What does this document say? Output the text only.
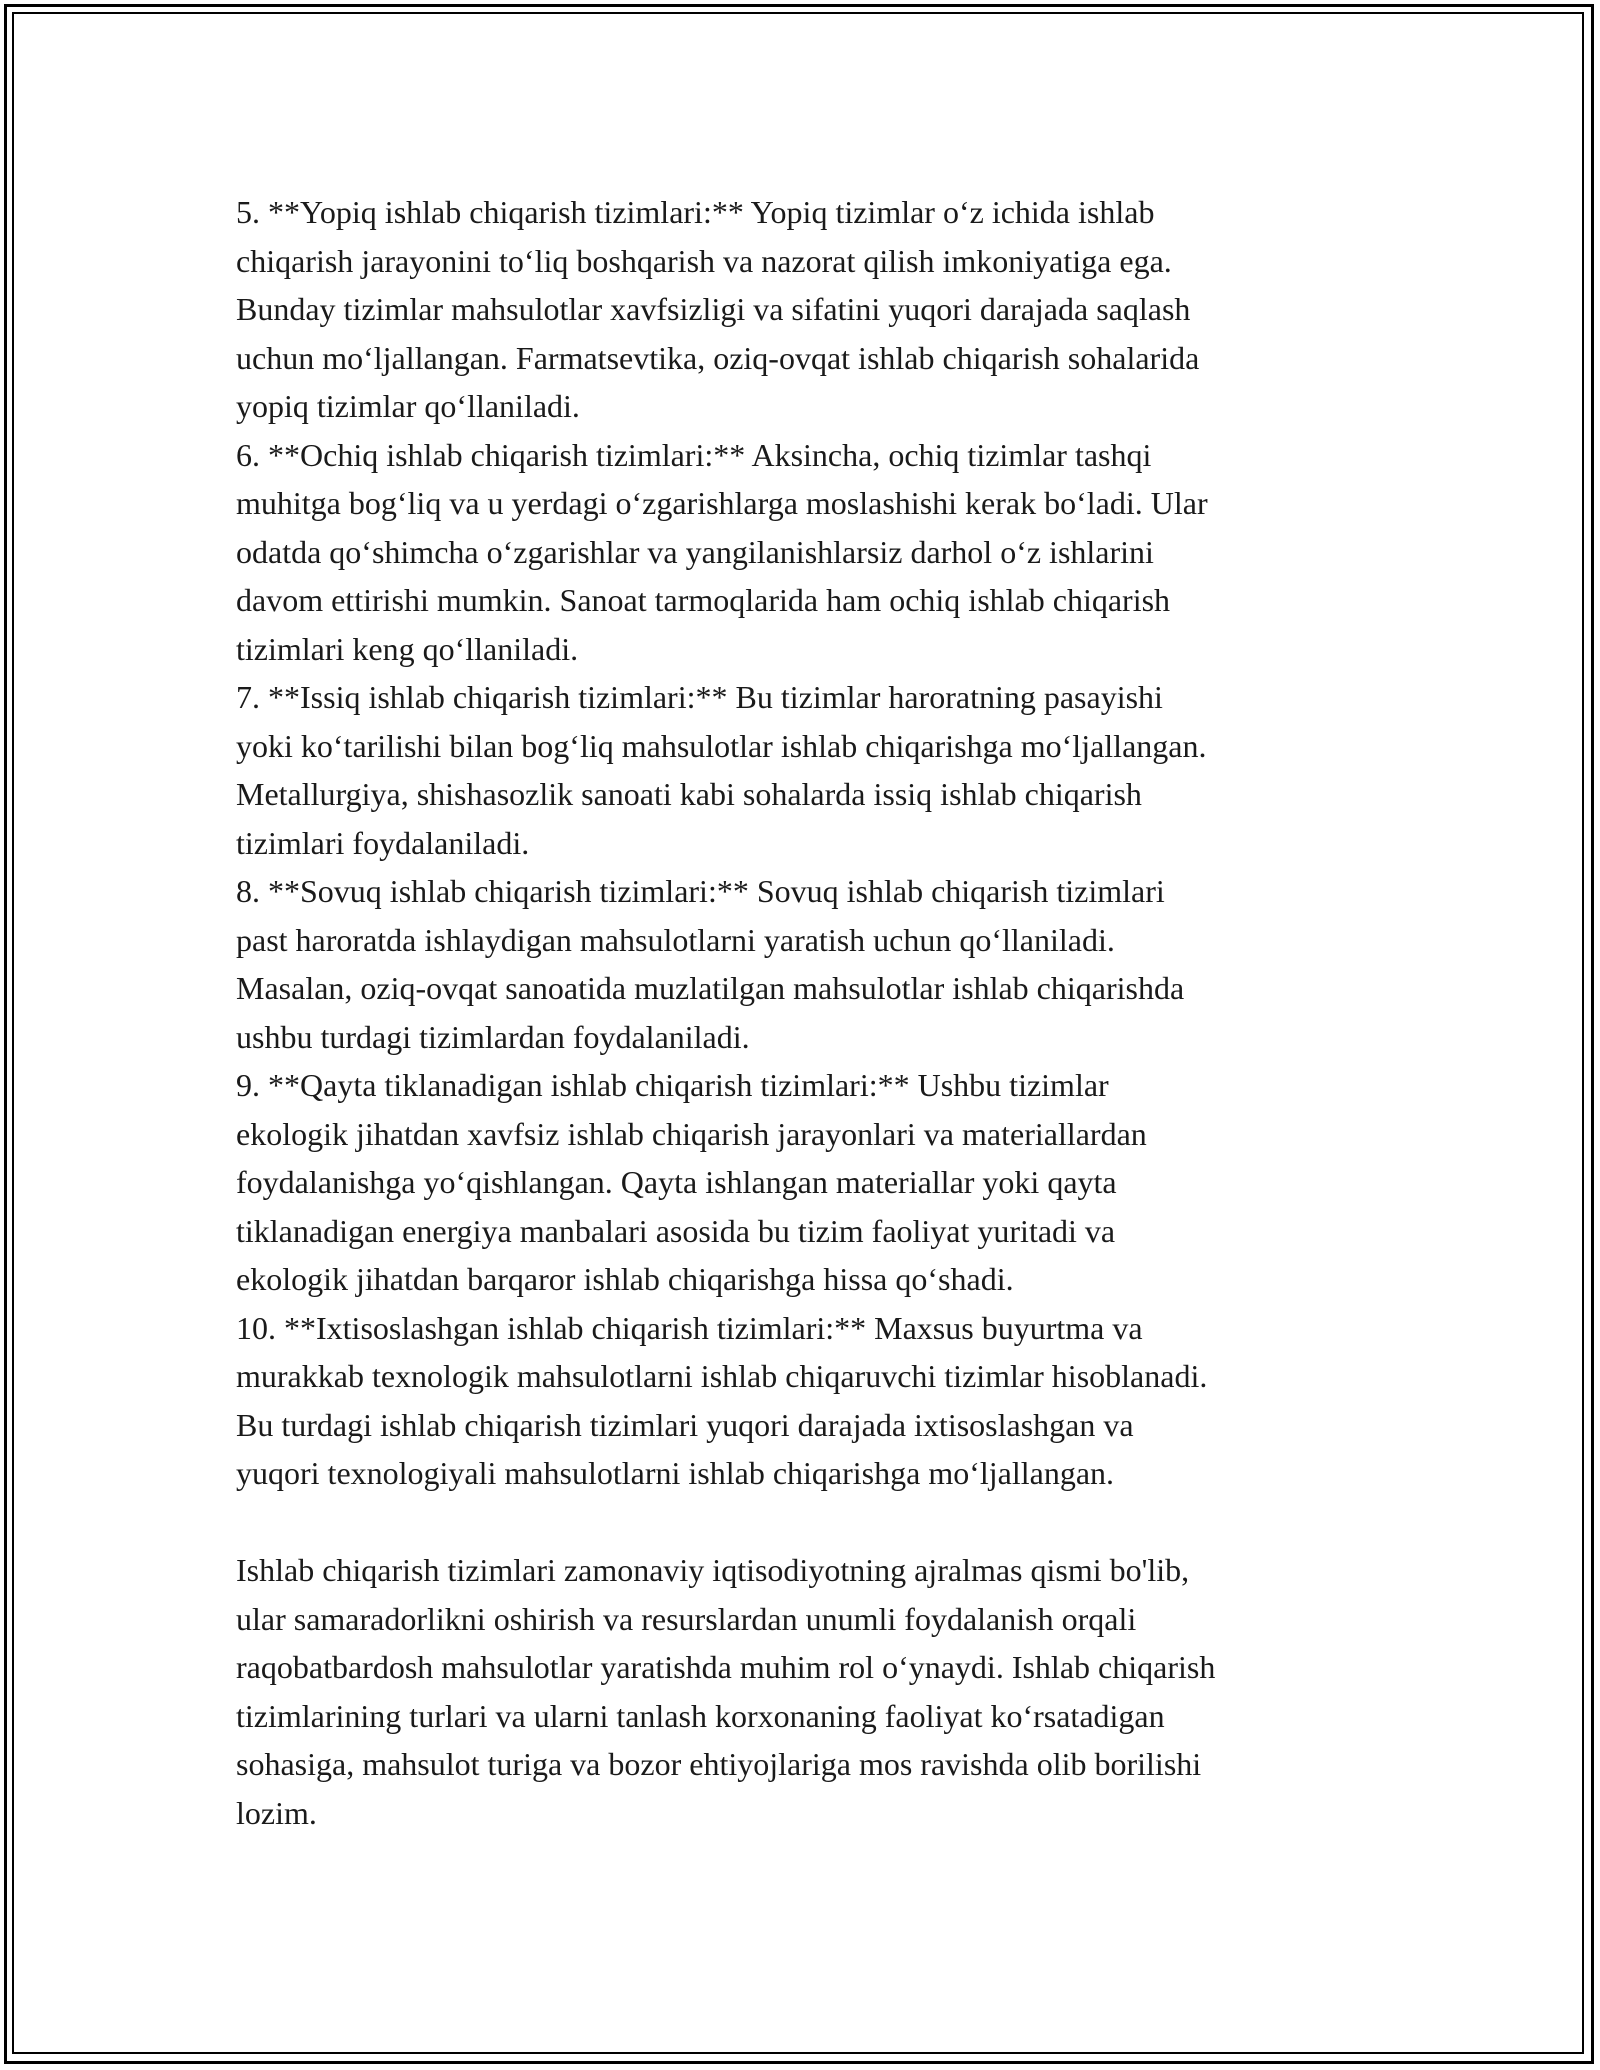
5. **Yopiq ishlab chiqarish tizimlari:** Yopiq tizimlar o‘z ichida ishlab
chiqarish jarayonini to‘liq boshqarish va nazorat qilish imkoniyatiga ega.
Bunday tizimlar mahsulotlar xavfsizligi va sifatini yuqori darajada saqlash
uchun mo‘ljallangan. Farmatsevtika, oziq-ovqat ishlab chiqarish sohalarida
yopiq tizimlar qo‘llaniladi.

6. **Ochiq ishlab chiqarish tizimlari:** Aksincha, ochiq tizimlar tashqi
muhitga bog‘liq va u yerdagi o‘zgarishlarga moslashishi kerak bo‘ladi. Ular
odatda qo‘shimcha o‘zgarishlar va yangilanishlarsiz darhol o‘z ishlarini
davom ettirishi mumkin. Sanoat tarmoqlarida ham ochiq ishlab chiqarish
tizimlari keng qo‘llaniladi.

7. **Issiq ishlab chiqarish tizimlari:** Bu tizimlar haroratning pasayishi
yoki ko‘tarilishi bilan bog‘liq mahsulotlar ishlab chiqarishga mo‘ljallangan.
Metallurgiya, shishasozlik sanoati kabi sohalarda issiq ishlab chiqarish
tizimlari foydalaniladi.

8. **Sovuq ishlab chiqarish tizimlari:** Sovuq ishlab chiqarish tizimlari
past haroratda ishlaydigan mahsulotlarni yaratish uchun qo‘llaniladi.
Masalan, oziq-ovqat sanoatida muzlatilgan mahsulotlar ishlab chiqarishda
ushbu turdagi tizimlardan foydalaniladi.

9. **Qayta tiklanadigan ishlab chiqarish tizimlari:** Ushbu tizimlar
ekologik jihatdan xavfsiz ishlab chiqarish jarayonlari va materiallardan
foydalanishga yo‘qishlangan. Qayta ishlangan materiallar yoki qayta
tiklanadigan energiya manbalari asosida bu tizim faoliyat yuritadi va
ekologik jihatdan barqaror ishlab chiqarishga hissa qo‘shadi.

10. **Ixtisoslashgan ishlab chiqarish tizimlari:** Maxsus buyurtma va
murakkab texnologik mahsulotlarni ishlab chiqaruvchi tizimlar hisoblanadi.
Bu turdagi ishlab chiqarish tizimlari yuqori darajada ixtisoslashgan va
yuqori texnologiyali mahsulotlarni ishlab chiqarishga mo‘ljallangan.

Ishlab chiqarish tizimlari zamonaviy iqtisodiyotning ajralmas qismi bo'lib,
ular samaradorlikni oshirish va resurslardan unumli foydalanish orqali
raqobatbardosh mahsulotlar yaratishda muhim rol o‘ynaydi. Ishlab chiqarish
tizimlarining turlari va ularni tanlash korxonaning faoliyat ko‘rsatadigan
sohasiga, mahsulot turiga va bozor ehtiyojlariga mos ravishda olib borilishi
lozim.
